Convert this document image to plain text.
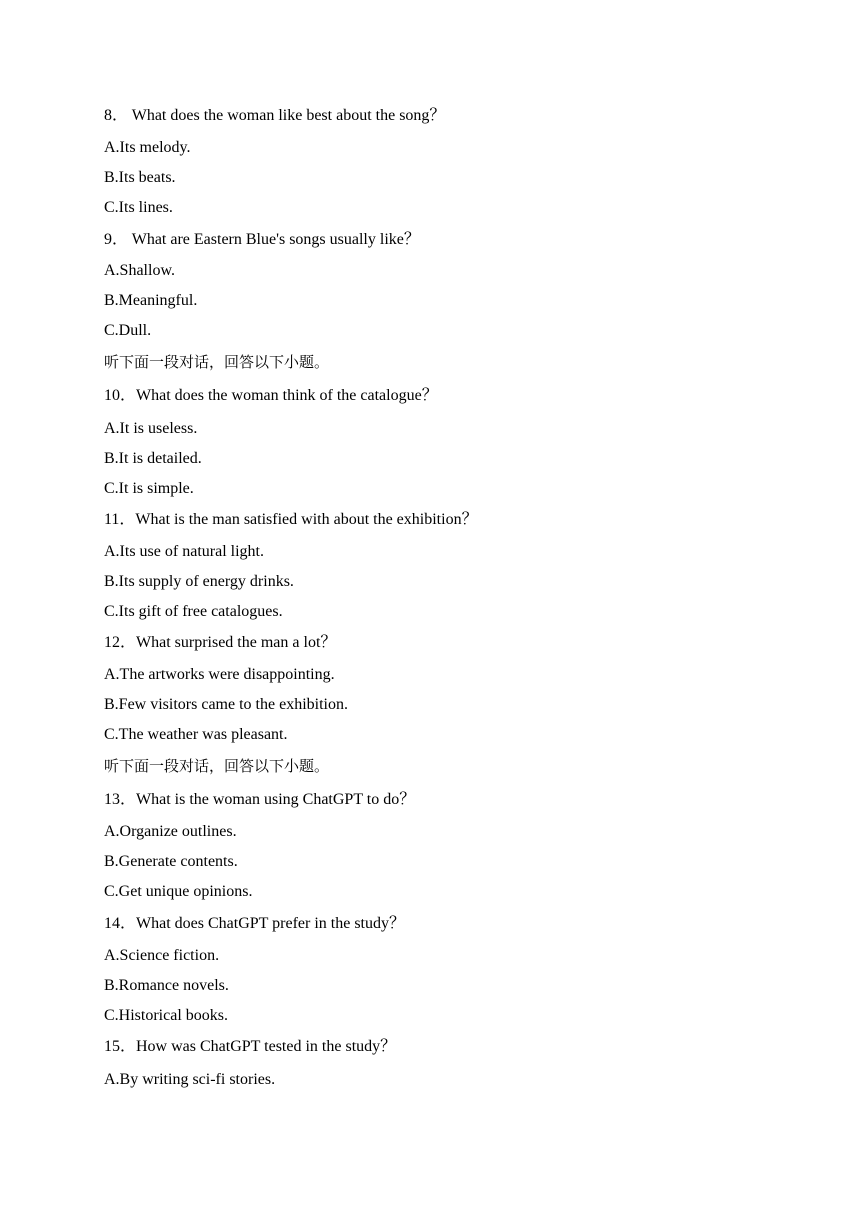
8． What does the woman like best about the song？
A.Its melody.
B.Its beats.
C.Its lines.
9． What are Eastern Blue's songs usually like？
A.Shallow.
B.Meaningful.
C.Dull.
听下面一段对话，回答以下小题。
10．What does the woman think of the catalogue？
A.It is useless.
B.It is detailed.
C.It is simple.
11．What is the man satisfied with about the exhibition？
A.Its use of natural light.
B.Its supply of energy drinks.
C.Its gift of free catalogues.
12．What surprised the man a lot？
A.The artworks were disappointing.
B.Few visitors came to the exhibition.
C.The weather was pleasant.
听下面一段对话，回答以下小题。
13．What is the woman using ChatGPT to do？
A.Organize outlines.
B.Generate contents.
C.Get unique opinions.
14．What does ChatGPT prefer in the study？
A.Science fiction.
B.Romance novels.
C.Historical books.
15．How was ChatGPT tested in the study？
A.By writing sci-fi stories.
